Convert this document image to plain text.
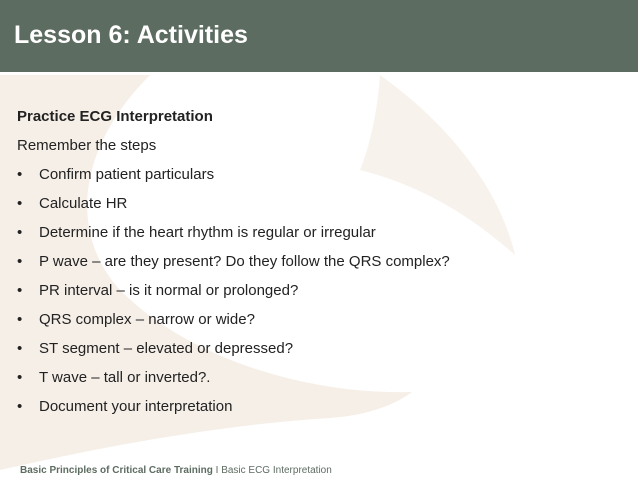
Lesson 6: Activities

Practice ECG Interpretation

Remember the steps

•	Confirm patient particulars
•	Calculate HR
•	Determine if the heart rhythm is regular or irregular
•	P wave – are they present? Do they follow the QRS complex?
•	PR interval – is it normal or prolonged?
•	QRS complex – narrow or wide?
•	ST segment – elevated or depressed?
•	T wave – tall or inverted?.
•	Document your interpretation
Basic Principles of Critical Care Training I Basic ECG Interpretation
